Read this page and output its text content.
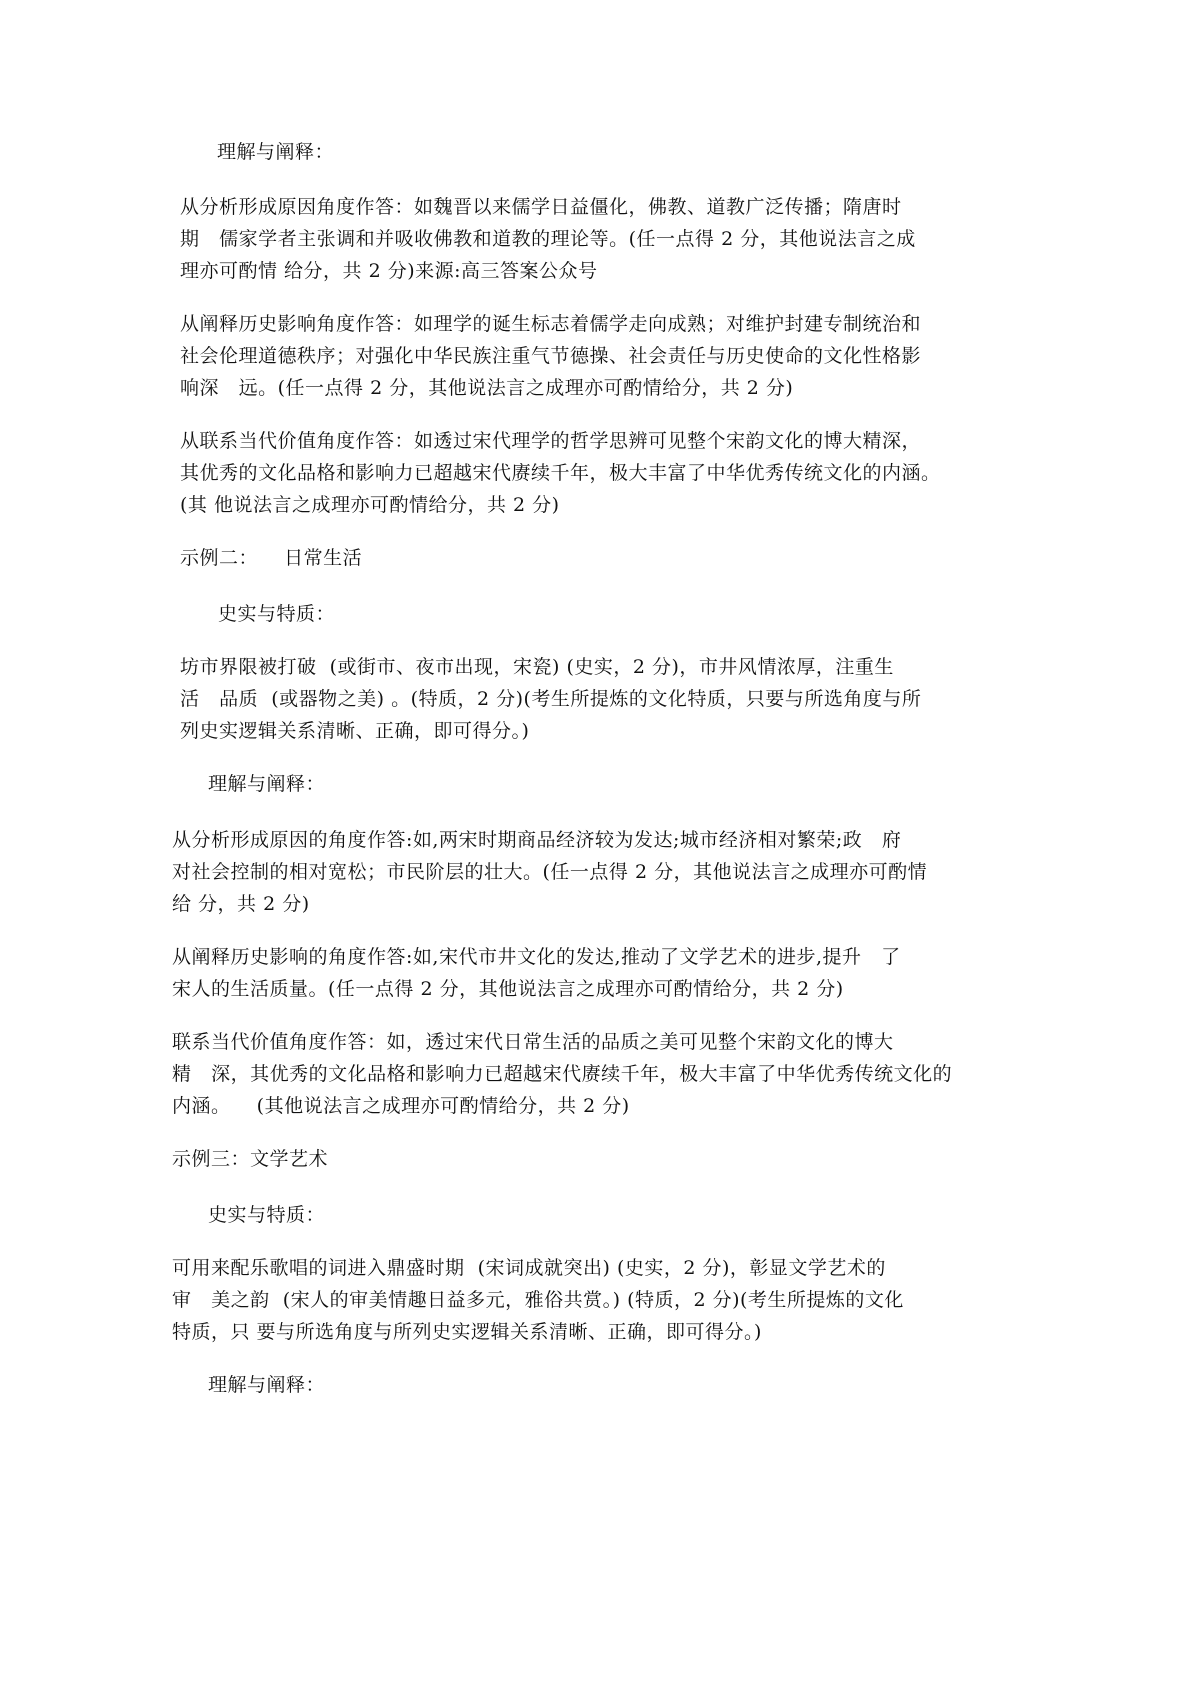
理解与阐释：
从分析形成原因角度作答：如魏晋以来儒学日益僵化，佛教、道教广泛传播；隋唐时
期   儒家学者主张调和并吸收佛教和道教的理论等。(任一点得 2 分，其他说法言之成
理亦可酌情 给分，共 2 分)来源:高三答案公众号
从阐释历史影响角度作答：如理学的诞生标志着儒学走向成熟；对维护封建专制统治和
社会伦理道德秩序；对强化中华民族注重气节德操、社会责任与历史使命的文化性格影
响深   远。(任一点得 2 分，其他说法言之成理亦可酌情给分，共 2 分)
从联系当代价值角度作答：如透过宋代理学的哲学思辨可见整个宋韵文化的博大精深，
其优秀的文化品格和影响力已超越宋代赓续千年，极大丰富了中华优秀传统文化的内涵。
(其 他说法言之成理亦可酌情给分，共 2 分)
示例二：    日常生活
史实与特质：
坊市界限被打破  (或街市、夜市出现，宋瓷) (史实，2 分)，市井风情浓厚，注重生
活   品质  (或器物之美) 。(特质，2 分)(考生所提炼的文化特质，只要与所选角度与所
列史实逻辑关系清晰、正确，即可得分。)
理解与阐释：
从分析形成原因的角度作答:如,两宋时期商品经济较为发达;城市经济相对繁荣;政   府
对社会控制的相对宽松；市民阶层的壮大。(任一点得 2 分，其他说法言之成理亦可酌情
给 分，共 2 分)
从阐释历史影响的角度作答:如,宋代市井文化的发达,推动了文学艺术的进步,提升   了
宋人的生活质量。(任一点得 2 分，其他说法言之成理亦可酌情给分，共 2 分)
联系当代价值角度作答：如，透过宋代日常生活的品质之美可见整个宋韵文化的博大
精   深，其优秀的文化品格和影响力已超越宋代赓续千年，极大丰富了中华优秀传统文化的
内涵。    (其他说法言之成理亦可酌情给分，共 2 分)
示例三：文学艺术
史实与特质：
可用来配乐歌唱的词进入鼎盛时期  (宋词成就突出) (史实，2 分)，彰显文学艺术的
审   美之韵  (宋人的审美情趣日益多元，雅俗共赏。) (特质，2 分)(考生所提炼的文化
特质，只 要与所选角度与所列史实逻辑关系清晰、正确，即可得分。)
理解与阐释：
